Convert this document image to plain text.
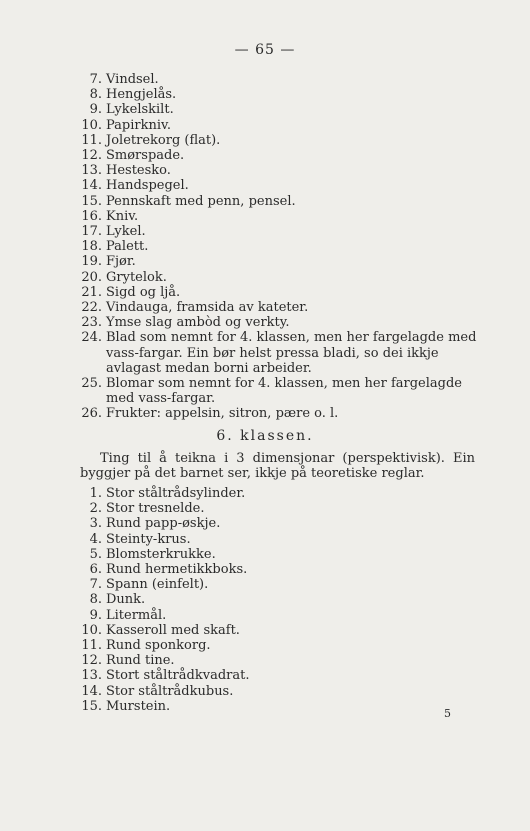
— 65 —
7. Vindsel.
8. Hengjelås.
9. Lykelskilt.
10. Papirkniv.
11. Joletrekorg (flat).
12. Smørspade.
13. Hestesko.
14. Handspegel.
15. Pennskaft med penn, pensel.
16. Kniv.
17. Lykel.
18. Palett.
19. Fjør.
20. Grytelok.
21. Sigd og ljå.
22. Vindauga, framsida av kateter.
23. Ymse slag ambòd og verkty.
24. Blad som nemnt for 4. klassen, men her fargelagde med vass-fargar. Ein bør helst pressa bladi, so dei ikkje avlagast medan borni arbeider.
25. Blomar som nemnt for 4. klassen, men her fargelagde med vass-fargar.
26. Frukter: appelsin, sitron, pære o. l.
6. klassen.
Ting til å teikna i 3 dimensjonar (perspektivisk). Ein byggjer på det barnet ser, ikkje på teoretiske reglar.
1. Stor ståltrådsylinder.
2. Stor tresnelde.
3. Rund papp-øskje.
4. Steinty-krus.
5. Blomsterkrukke.
6. Rund hermetikkboks.
7. Spann (einfelt).
8. Dunk.
9. Litermål.
10. Kasseroll med skaft.
11. Rund sponkorg.
12. Rund tine.
13. Stort ståltrådkvadrat.
14. Stor ståltrådkubus.
15. Murstein.	5
